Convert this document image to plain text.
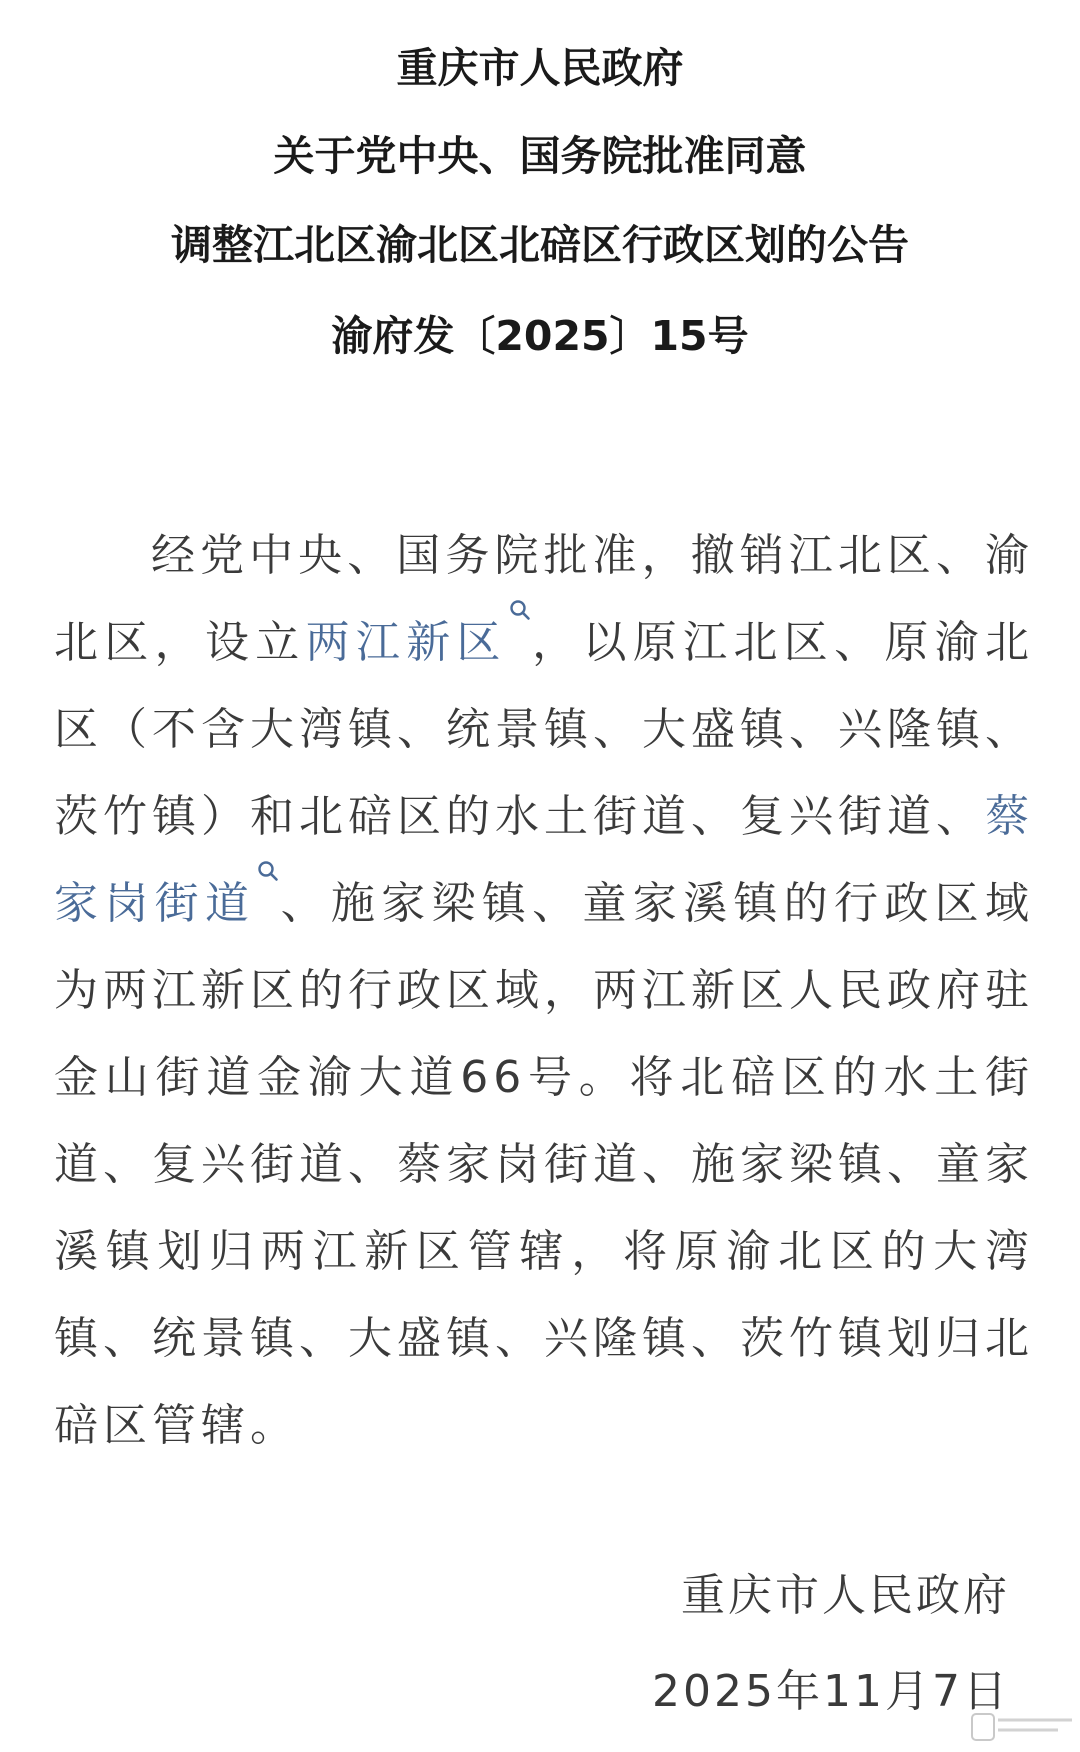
重庆市人民政府
关于党中央、国务院批准同意
调整江北区渝北区北碚区行政区划的公告
渝府发〔2025〕15号
经党中央、国务院批准，撤销江北区、渝北区，设立两江新区 ，以原江北区、原渝北区（不含大湾镇、统景镇、大盛镇、兴隆镇、茨竹镇）和北碚区的水土街道、复兴街道、蔡家岗街道 、施家梁镇、童家溪镇的行政区域为两江新区的行政区域，两江新区人民政府驻金山街道金渝大道66号。将北碚区的水土街道、复兴街道、蔡家岗街道、施家梁镇、童家溪镇划归两江新区管辖，将原渝北区的大湾镇、统景镇、大盛镇、兴隆镇、茨竹镇划归北碚区管辖。
重庆市人民政府
2025年11月7日
